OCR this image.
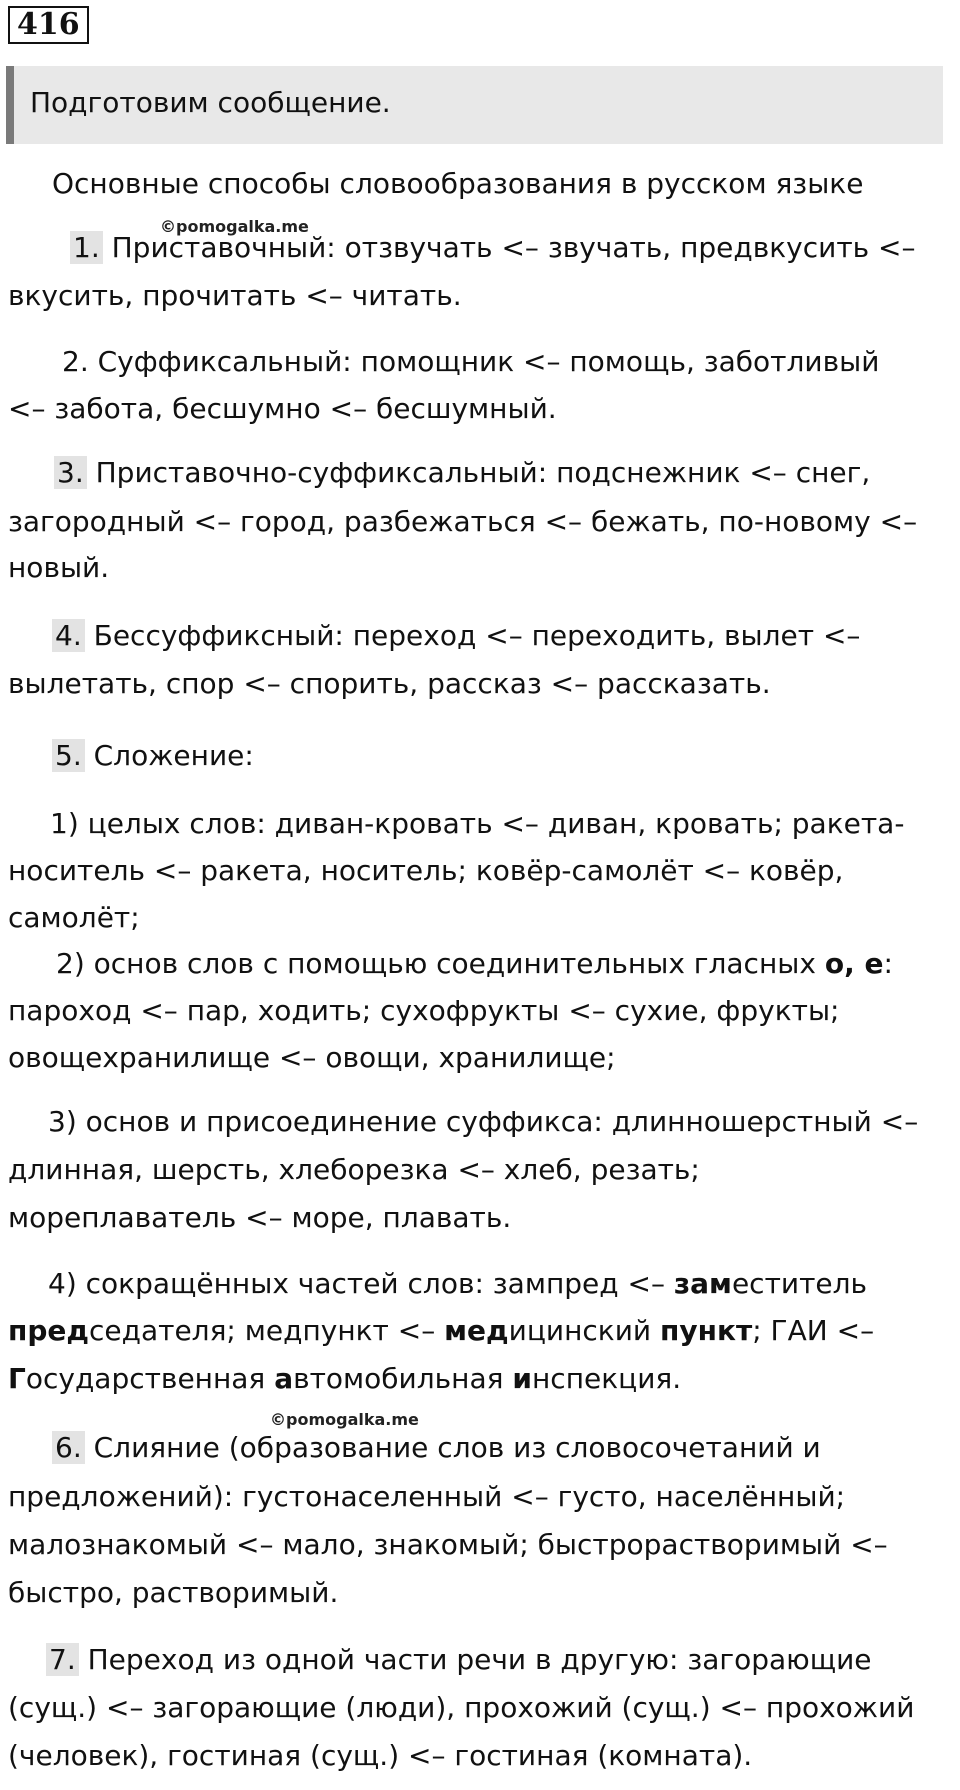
416
Подготовим сообщение.
Основные способы словообразования в русском языке
©pomogalka.me
1. Приставочный: отзвучать <– звучать, предвкусить <–
вкусить, прочитать <– читать.
2. Суффиксальный: помощник <– помощь, заботливый
<– забота, бесшумно <– бесшумный.
3. Приставочно-суффиксальный: подснежник <– снег,
загородный <– город, разбежаться <– бежать, по-новому <–
новый.
4. Бессуффиксный: переход <– переходить, вылет <–
вылетать, спор <– спорить, рассказ <– рассказать.
5. Сложение:
1) целых слов: диван-кровать <– диван, кровать; ракета-
носитель <– ракета, носитель; ковёр-самолёт <– ковёр,
самолёт;
2) основ слов с помощью соединительных гласных о, е:
пароход <– пар, ходить; сухофрукты <– сухие, фрукты;
овощехранилище <– овощи, хранилище;
3) основ и присоединение суффикса: длинношерстный <–
длинная, шерсть, хлеборезка <– хлеб, резать;
мореплаватель <– море, плавать.
4) сокращённых частей слов: зампред <– заместитель
председателя; медпункт <– медицинский пункт; ГАИ <–
Государственная автомобильная инспекция.
©pomogalka.me
6. Слияние (образование слов из словосочетаний и
предложений): густонаселенный <– густо, населённый;
малознакомый <– мало, знакомый; быстрорастворимый <–
быстро, растворимый.
7. Переход из одной части речи в другую: загорающие
(сущ.) <– загорающие (люди), прохожий (сущ.) <– прохожий
(человек), гостиная (сущ.) <– гостиная (комната).
